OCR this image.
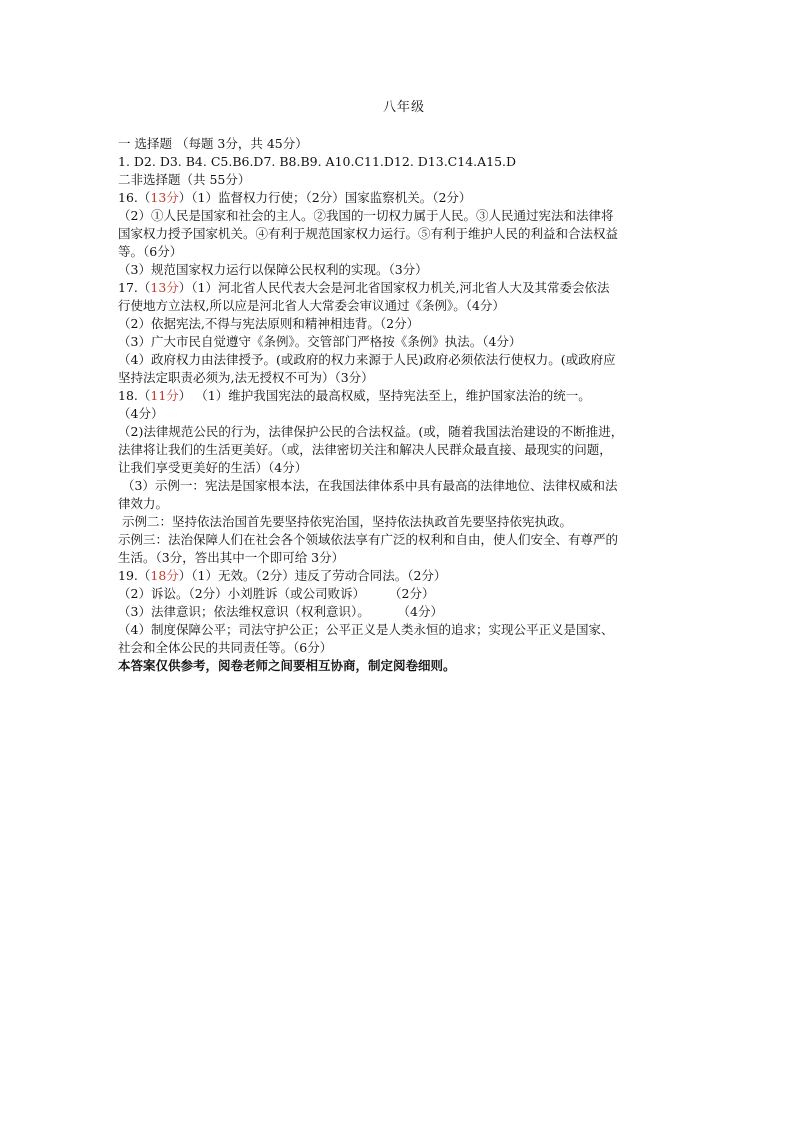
八年级

一 选择题 （每题 3分，共 45分）

1. D2. D3. B4. C5.B6.D7. B8.B9. A10.C11.D12. D13.C14.A15.D

二非选择题（共 55分）

16.（13分）（1）监督权力行使；（2分）国家监察机关。（2分）

（2）①人民是国家和社会的主人。②我国的一切权力属于人民。③人民通过宪法和法律将

国家权力授予国家机关。④有利于规范国家权力运行。⑤有利于维护人民的利益和合法权益

等。（6分）

（3）规范国家权力运行以保障公民权利的实现。（3分）

17.（13分）（1）河北省人民代表大会是河北省国家权力机关,河北省人大及其常委会依法

行使地方立法权,所以应是河北省人大常委会审议通过《条例》。（4分）

（2）依据宪法,不得与宪法原则和精神相违背。（2分）

（3）广大市民自觉遵守《条例》。交管部门严格按《条例》执法。（4分）

（4）政府权力由法律授予。(或政府的权力来源于人民)政府必须依法行使权力。(或政府应

坚持法定职责必须为,法无授权不可为）（3分）

18.（11分） （1）维护我国宪法的最高权威，坚持宪法至上，维护国家法治的统一。

（4分）

（2)法律规范公民的行为，法律保护公民的合法权益。(或，随着我国法治建设的不断推进，

法律将让我们的生活更美好。（或，法律密切关注和解决人民群众最直接、最现实的问题，

让我们享受更美好的生活）（4分）

（3）示例一：宪法是国家根本法，在我国法律体系中具有最高的法律地位、法律权威和法

律效力。

示例二：坚持依法治国首先要坚持依宪治国，坚持依法执政首先要坚持依宪执政。

示例三：法治保障人们在社会各个领域依法享有广泛的权利和自由，使人们安全、有尊严的

生活。（3分，答出其中一个即可给 3分）

19.（18分）（1）无效。（2分）违反了劳动合同法。（2分）

（2）诉讼。（2分）小刘胜诉（或公司败诉）      （2分）

（3）法律意识；依法维权意识（权利意识）。       （4分）

（4）制度保障公平；司法守护公正；公平正义是人类永恒的追求；实现公平正义是国家、

社会和全体公民的共同责任等。（6分）

本答案仅供参考，阅卷老师之间要相互协商，制定阅卷细则。
